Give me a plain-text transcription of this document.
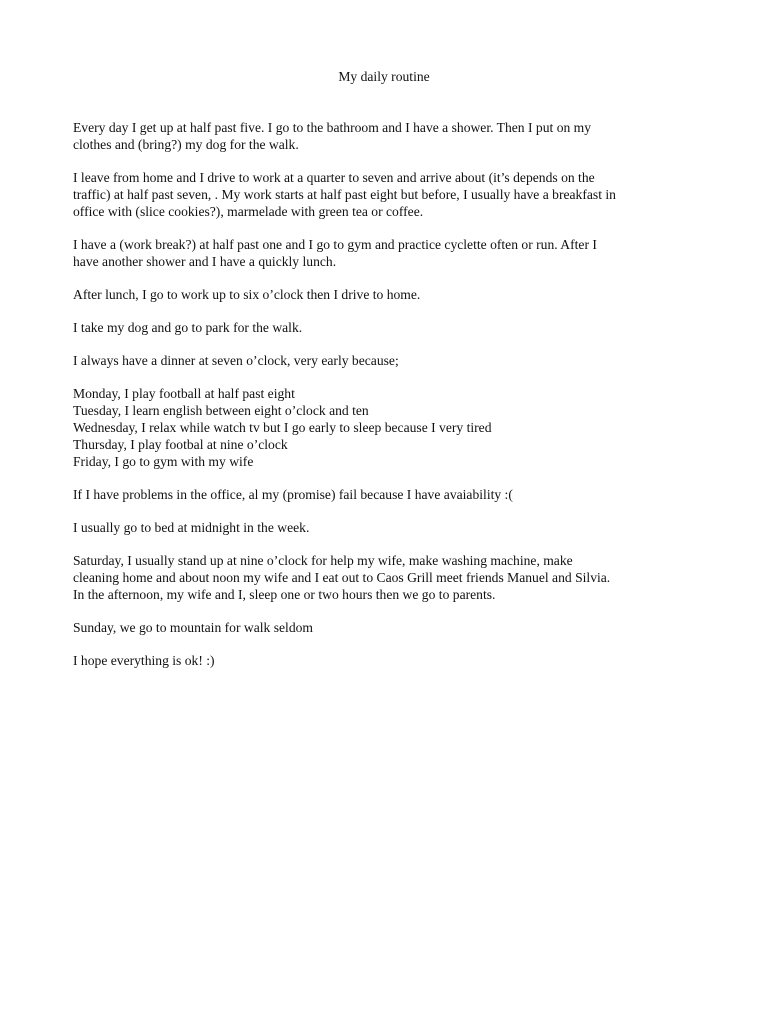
My daily routine

Every day I get up at half past five. I go to the bathroom and I have a shower. Then I put on my
clothes and (bring?) my dog for the walk.

I leave from home and I drive to work at a quarter to seven and arrive about (it’s depends on the
traffic) at half past seven, . My work starts at half past eight but before, I usually have a breakfast in
office with (slice cookies?), marmelade with green tea or coffee.

I have a (work break?) at half past one and I go to gym and practice cyclette often or run. After I
have another shower and I have a quickly lunch.

After lunch, I go to work up to six o’clock then I drive to home.

I take my dog and go to park for the walk.

I always have a dinner at seven o’clock, very early because;

Monday, I play football at half past eight
Tuesday, I learn english between eight o’clock and ten
Wednesday, I relax while watch tv but I go early to sleep because I very tired
Thursday, I play footbal at nine o’clock
Friday, I go to gym with my wife

If I have problems in the office, al my (promise) fail because I have avaiability :(

I usually go to bed at midnight in the week.

Saturday, I usually stand up at nine o’clock for help my wife, make washing machine, make
cleaning home and about noon my wife and I eat out to Caos Grill meet friends Manuel and Silvia.
In the afternoon, my wife and I, sleep one or two hours then we go to parents.

Sunday, we go to mountain for walk seldom

I hope everything is ok! :)
